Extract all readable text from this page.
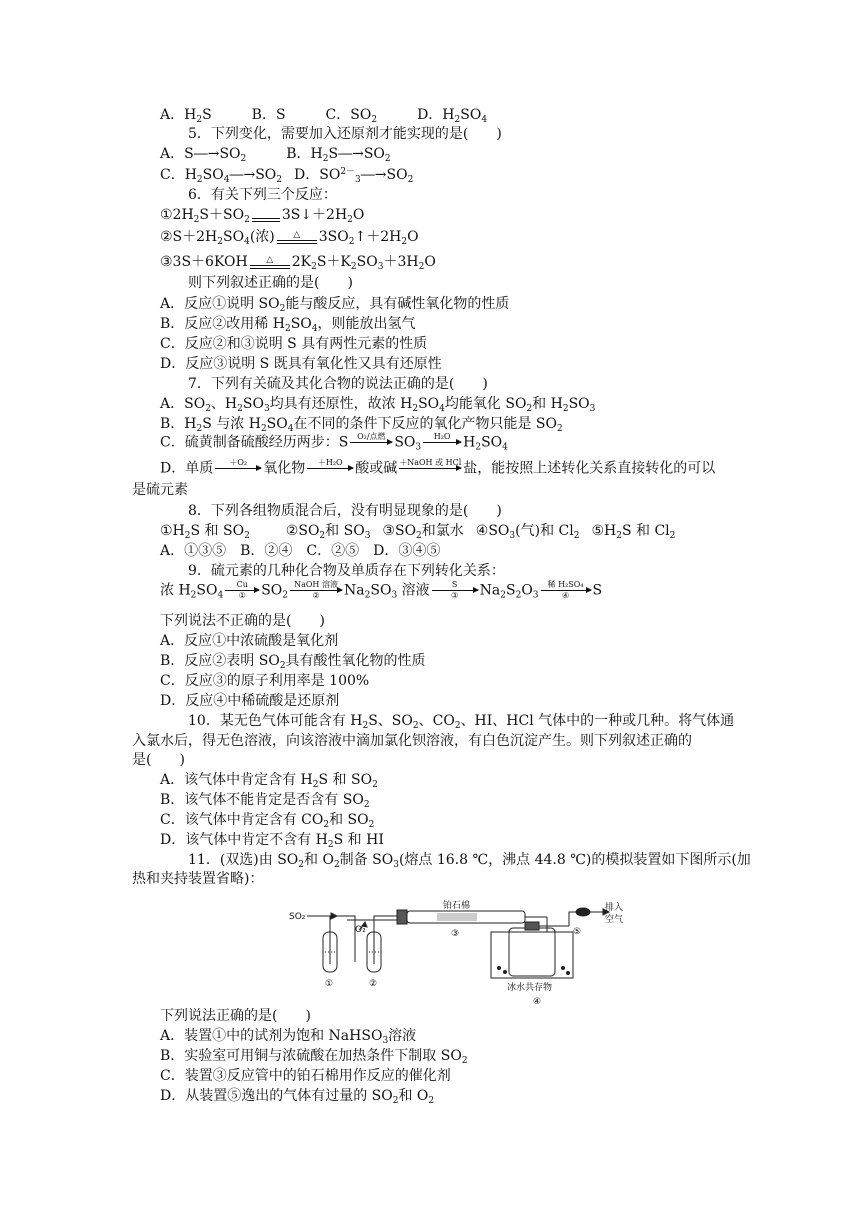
A．$H_2S$	B．S	C．$SO_2$	D．$H_2SO_4$
5．下列变化，需要加入还原剂才能实现的是(　　)
A．$S―\to SO_2$	B．$H_2S―\to SO_2$
C．$H_2SO_4―\to SO_2$ D．$SO^{2-}_3―\to SO_2$
6．有关下列三个反应：
$①2H_2S+SO_2$
$3S↓+2H_2O$
$②S+2H_2SO_4$(浓)	△	$3SO_2↑+2H_2O$
③3S＋6KOH	△	$2K_2S+K_2SO_3+3H_2O$
则下列叙述正确的是(　　)
A．反应①说明 $SO_2$能与酸反应，具有碱性氧化物的性质
B．反应②改用稀 $H_2SO_4$，则能放出氢气
C．反应②和③说明 S 具有两性元素的性质
D．反应③说明 S 既具有氧化性又具有还原性
7．下列有关硫及其化合物的说法正确的是(　　)
A．$SO_2$、$H_2SO_3$均具有还原性，故浓 $H_2SO_4$均能氧化 $SO_2$和 $H_2SO_3$
B．$H_2S$ 与浓 $H_2SO_4$在不同的条件下反应的氧化产物只能是 $SO_2$
C．硫黄制备硫酸经历两步：S	O₂/点燃
$SO_3$
H₂O
$H_2SO_4$
D．单质	＋O₂
	氧化物	＋H₂O
酸或碱 ＋NaOH 或 HCl
盐，能按照上述转化关系直接转化的可以
是硫元素
8．下列各组物质混合后，没有明显现象的是(　　)
$①H_2S$ 和 $SO_2$	$②SO_2$和 $SO_3$ $③SO_2$和氯水 $④SO_3$(气)和 $Cl_2$ $⑤H_2S$ 和 $Cl_2$
A．①③⑤　B．②④　C．②⑤　D．③④⑤
9．硫元素的几种化合物及单质存在下列转化关系：
浓 $H_2SO_4$
Cu
①	$SO_2$
NaOH 溶液
②	$Na_2SO_3$ 溶液	S
③	$Na_2S_2O_3$
稀 H₂SO₄
④	S
下列说法不正确的是(　　)
A．反应①中浓硫酸是氧化剂
B．反应②表明 $SO_2$具有酸性氧化物的性质
C．反应③的原子利用率是 100%
D．反应④中稀硫酸是还原剂
10．某无色气体可能含有 $H_2S$、$SO_2$、$CO_2$、HI、HCl 气体中的一种或几种。将气体通
入氯水后，得无色溶液，向该溶液中滴加氯化钡溶液，有白色沉淀产生。则下列叙述正确的
是(　　)
A．该气体中肯定含有 $H_2S$ 和 $SO_2$
B．该气体不能肯定是否含有 $SO_2$
C．该气体中肯定含有 $CO_2$和 $SO_2$
D．该气体中肯定不含有 $H_2S$ 和 HI
11．(双选)由 $SO_2$和 $O_2$制备 $SO_3$(熔点 16.8 ℃，沸点 44.8 ℃)的模拟装置如下图所示(加
热和夹持装置省略)：
SO₂
O₂
铂石棉
①	②
③
④
⑤
冰水共存物
排入
空气
下列说法正确的是(　　)
A．装置①中的试剂为饱和 NaHSO$_3$溶液
B．实验室可用铜与浓硫酸在加热条件下制取 $SO_2$
C．装置③反应管中的铂石棉用作反应的催化剂
D．从装置⑤逸出的气体有过量的 $SO_2$和 $O_2$
